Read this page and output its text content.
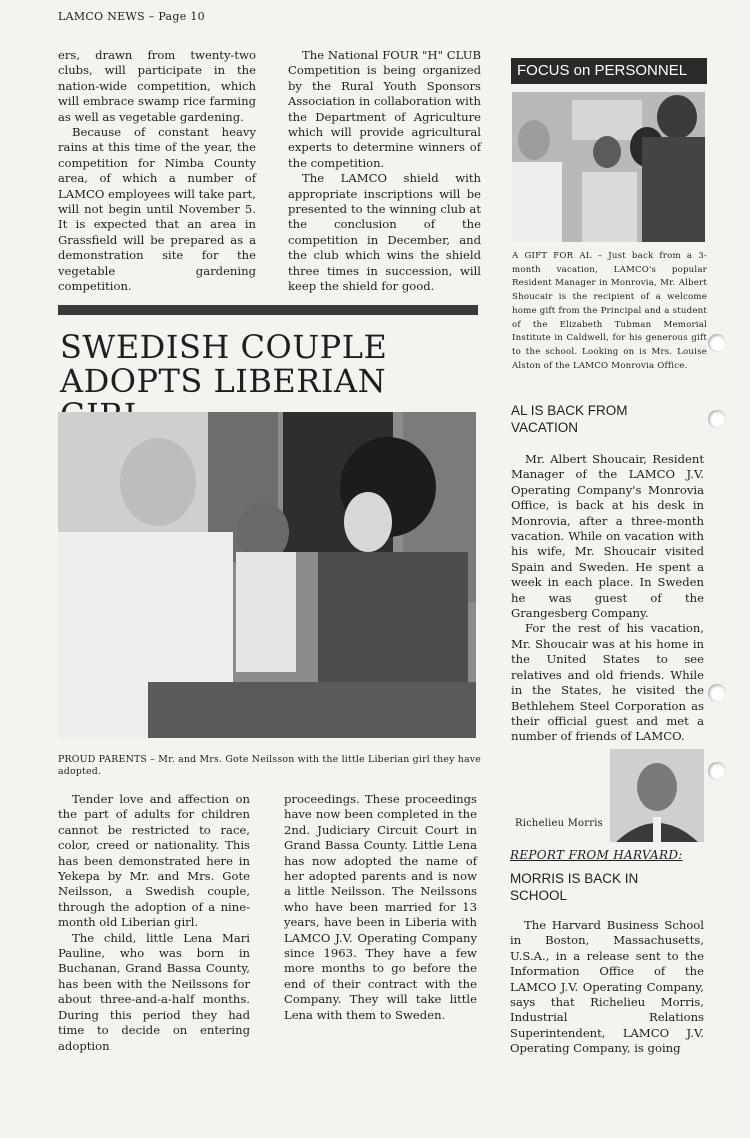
LAMCO NEWS – Page 10

ers, drawn from twenty-two clubs, will participate in the nation-wide competition, which will embrace swamp rice farming as well as vegetable gardening.

Because of constant heavy rains at this time of the year, the competition for Nimba County area, of which a number of LAMCO employees will take part, will not begin until November 5. It is expected that an area in Grassfield will be prepared as a demonstration site for the vegetable gardening competition.

The National FOUR "H" CLUB Competition is being organized by the Rural Youth Sponsors Association in collaboration with the Department of Agriculture which will provide agricultural experts to determine winners of the competition.

The LAMCO shield with appropriate inscriptions will be presented to the winning club at the conclusion of the competition in December, and the club which wins the shield three times in succession, will keep the shield for good.

SWEDISH COUPLE
ADOPTS LIBERIAN
PROUD PARENTS – Mr. and Mrs. Gote Neilsson with the little Liberian girl they have adopted.

Tender love and affection on the part of adults for children cannot be restricted to race, color, creed or nationality. This has been demonstrated here in Yekepa by Mr. and Mrs. Gote Neilsson, a Swedish couple, through the adoption of a nine-month old Liberian girl.

The child, little Lena Mari Pauline, who was born in Buchanan, Grand Bassa County, has been with the Neilssons for about three-and-a-half months. During this period they had time to decide on entering adoption

proceedings. These proceedings have now been completed in the 2nd. Judiciary Circuit Court in Grand Bassa County. Little Lena has now adopted the name of her adopted parents and is now a little Neilsson. The Neilssons who have been married for 13 years, have been in Liberia with LAMCO J.V. Operating Company since 1963. They have a few more months to go before the end of their contract with the Company. They will take little Lena with them to Sweden.

FOCUS on PERSONNEL
A GIFT FOR AL – Just back from a 3-month vacation, LAMCO's popular Resident Manager in Monrovia, Mr. Albert Shoucair is the recipient of a welcome home gift from the Principal and a student of the Elizabeth Tubman Memorial Institute in Caldwell, for his generous gift to the school. Looking on is Mrs. Louise Alston of the LAMCO Monrovia Office.
AL IS BACK FROM VACATION

Mr. Albert Shoucair, Resident Manager of the LAMCO J.V. Operating Company's Monrovia Office, is back at his desk in Monrovia, after a three-month vacation. While on vacation with his wife, Mr. Shoucair visited Spain and Sweden. He spent a week in each place. In Sweden he was guest of the Grangesberg Company.

For the rest of his vacation, Mr. Shoucair was at his home in the United States to see relatives and old friends. While in the States, he visited the Bethlehem Steel Corporation as their official guest and met a number of friends of LAMCO.

Richelieu Morris
REPORT FROM HARVARD:
MORRIS IS BACK IN SCHOOL
The Harvard Business School in Boston, Massachusetts, U.S.A., in a release sent to the Information Office of the LAMCO J.V. Operating Company, says that Richelieu Morris, Industrial Relations Superintendent, LAMCO J.V. Operating Company, is going
